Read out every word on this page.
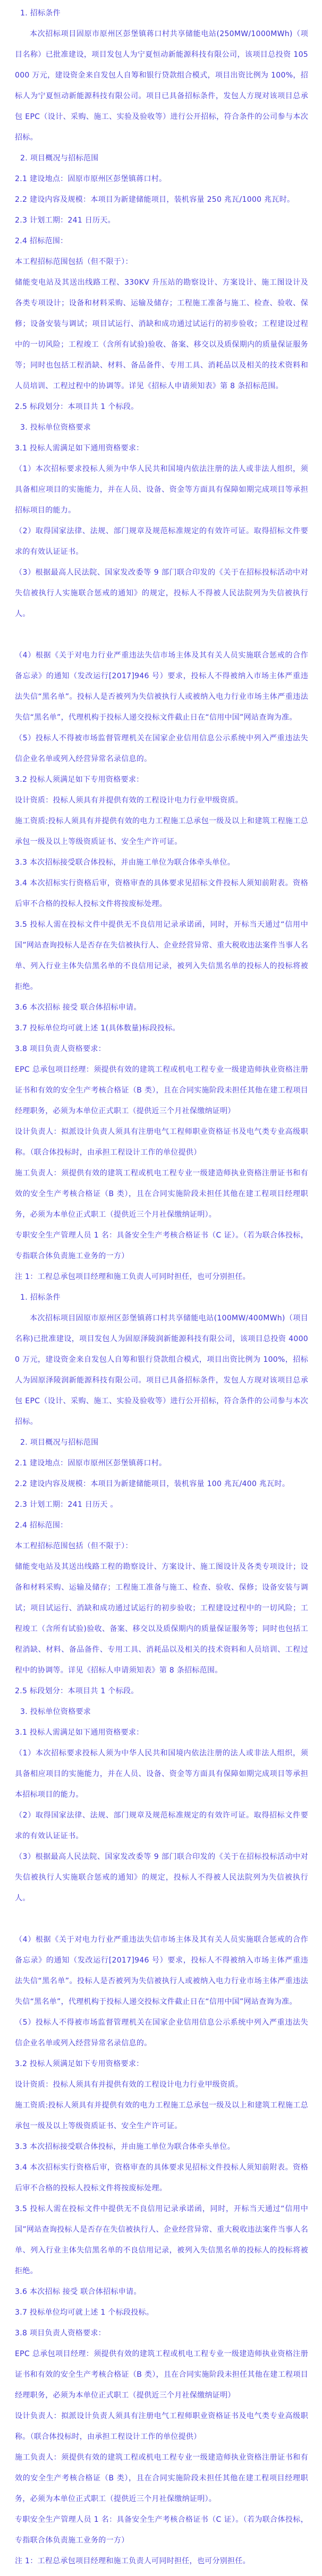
1. 招标条件

本次招标项目固原市原州区彭堡镇蒋口村共享储能电站(250MW/1000MWh)（项目名称）已批准建设，项目发包人为宁夏恒动新能源科技有限公司，该项目总投资 105000 万元，建设资金来自发包人自筹和银行贷款组合模式，项目出资比例为 100%，招标人为宁夏恒动新能源科技有限公司。项目已具备招标条件，发包人方现对该项目总承包 EPC（设计、采购、施工、实验及验收等）进行公开招标，符合条件的公司参与本次招标。

2. 项目概况与招标范围

2.1 建设地点：固原市原州区彭堡镇蒋口村。

2.2 建设内容及规模：本项目为新建储能项目，装机容量 250 兆瓦/1000 兆瓦时。

2.3 计划工期：241 日历天。

2.4 招标范围：

本工程招标范围包括（但不限于）：

储能变电站及其送出线路工程、330KV 升压站的勘察设计、方案设计、施工图设计及各类专项设计；设备和材料采购、运输及储存；工程施工准备与施工、检查、验收、保修；设备安装与调试；项目试运行、消缺和成功通过试运行的初步验收；工程建设过程中的一切风险；工程竣工（含所有试验)验收、备案、移交以及质保期内的质量保证服务等；同时也包括工程消缺、材料、备品备件、专用工具、消耗品以及相关的技术资料和人员培训、工程过程中的协调等。详见《招标人申请须知表》第 8 条招标范围。

2.5 标段划分：本项目共 1 个标段。

3. 投标单位资格要求

3.1 投标人需满足如下通用资格要求：

（1）本次招标要求投标人须为中华人民共和国境内依法注册的法人或非法人组织，须具备相应项目的实施能力，并在人员、设备、资金等方面具有保障如期完成项目等承担招标项目的能力。

（2）取得国家法律、法规、部门规章及规范标准规定的有效许可证。取得招标文件要求的有效认证证书。

（3）根据最高人民法院、国家发改委等 9 部门联合印发的《关于在招标投标活动中对失信被执行人实施联合惩戒的通知》的规定，投标人不得被人民法院列为失信被执行人。

（4）根据《关于对电力行业严重违法失信市场主体及其有关人员实施联合惩戒的合作备忘录》的通知（发改运行[2017]946 号）要求，投标人不得被纳入市场主体严重违法失信“黑名单”。投标人是否被列为失信被执行人或被纳入电力行业市场主体严重违法失信“黑名单”，代理机构于投标人递交投标文件截止日在“信用中国”网站查询为准。

（5）投标人不得被市场监督管理机关在国家企业信用信息公示系统中列入严重违法失信企业名单或列入经营异常名录信息的。

3.2 投标人须满足如下专用资格要求：

设计资质：投标人须具有并提供有效的工程设计电力行业甲级资质。

施工资质:投标人须具有并提供有效的电力工程施工总承包一级及以上和建筑工程施工总承包一级及以上等级资质证书、安全生产许可证。

3.3 本次招标接受联合体投标，并由施工单位为联合体牵头单位。

3.4 本次招标实行资格后审，资格审查的具体要求见招标文件投标人须知前附表。资格后审不合格的投标人投标文件将按废标处理。

3.5 投标人需在投标文件中提供无不良信用记录承诺函，同时，开标当天通过“信用中国”网站查询投标人是否存在失信被执行人、企业经营异常、重大税收违法案件当事人名单、列入行业主体失信黑名单的不良信用记录，被列入失信黑名单的投标人的投标将被拒绝。

3.6 本次招标 接受 联合体招标申请。

3.7 投标单位均可就上述 1(具体数量)标段投标。

3.8 项目负责人资格要求：

EPC 总承包项目经理：须提供有效的建筑工程或机电工程专业一级建造师执业资格注册证书和有效的安全生产考核合格证（B 类），且在合同实施阶段未担任其他在建工程项目经理职务，必须为本单位正式职工（提供近三个月社保缴纳证明）

设计负责人：拟派设计负责人须具有注册电气工程师职业资格证书及电气类专业高级职称。（联合体投标时，由承担工程设计工作的单位提供）

施工负责人：须提供有效的建筑工程或机电工程专业一级建造师执业资格注册证书和有效的安全生产考核合格证（B 类），且在合同实施阶段未担任其他在建工程项目经理职务，必须为本单位正式职工（提供近三个月社保缴纳证明）。

专职安全生产管理人员 1 名：具备安全生产考核合格证书（C 证）。（若为联合体投标，专指联合体负责施工业务的一方）

注 1：工程总承包项目经理和施工负责人可同时担任，也可分别担任。

1. 招标条件

本次招标项目固原市原州区彭堡镇蒋口村共享储能电站(100MW/400MWh)（项目名称)已批准建设，项目发包人为固原泽陵润新能源科技有限公司，该项目总投资 40000 万元，建设资金来自发包人自筹和银行贷款组合模式，项目出资比例为 100%，招标人为固原泽陵润新能源科技有限公司。项目已具备招标条件，发包人方现对该项目总承包 EPC（设计、采购、施工、实验及验收等）进行公开招标，符合条件的公司参与本次招标。

2. 项目概况与招标范围

2.1 建设地点：固原市原州区彭堡镇蒋口村。

2.2 建设内容及规模：本项目为新建储能项目，装机容量 100 兆瓦/400 兆瓦时。

2.3 计划工期：241 日历天 。

2.4 招标范围：

本工程招标范围包括（但不限于）：

储能变电站及其送出线路工程的勘察设计、方案设计、施工图设计及各类专项设计；设备和材料采购、运输及储存；工程施工准备与施工、检查、验收、保修；设备安装与调试；项目试运行、消缺和成功通过试运行的初步验收；工程建设过程中的一切风险；工程竣工（含所有试验)验收、备案、移交以及质保期内的质量保证服务等；同时也包括工程消缺、材料、备品备件、专用工具、消耗品以及相关的技术资料和人员培训、工程过程中的协调等。详见《招标人申请须知表》第 8 条招标范围。

2.5 标段划分：本项目共 1 个标段。

3. 投标单位资格要求

3.1 投标人需满足如下通用资格要求：

（1）本次招标要求投标人须为中华人民共和国境内依法注册的法人或非法人组织，须具备相应项目的实施能力，并在人员、设备、资金等方面具有保障如期完成项目等承担本招标项目的能力。

（2）取得国家法律、法规、部门规章及规范标准规定的有效许可证。取得招标文件要求的有效认证证书。

（3）根据最高人民法院、国家发改委等 9 部门联合印发的《关于在招标投标活动中对失信被执行人实施联合惩戒的通知》的规定，投标人不得被人民法院列为失信被执行人。

（4）根据《关于对电力行业严重违法失信市场主体及其有关人员实施联合惩戒的合作备忘录》的通知（发改运行[2017]946 号）要求，投标人不得被纳入市场主体严重违法失信“黑名单”。投标人是否被列为失信被执行人或被纳入电力行业市场主体严重违法失信“黑名单”，代理机构于投标人递交投标文件截止日在“信用中国”网站查询为准。

（5）投标人不得被市场监督管理机关在国家企业信用信息公示系统中列入严重违法失信企业名单或列入经营异常名录信息的。

3.2 投标人须满足如下专用资格要求：

设计资质：投标人须具有并提供有效的工程设计电力行业甲级资质。

施工资质:投标人须具有并提供有效的电力工程施工总承包一级及以上和建筑工程施工总承包一级及以上等级资质证书、安全生产许可证。

3.3 本次招标接受联合体投标，并由施工单位为联合体牵头单位。

3.4 本次招标实行资格后审，资格审查的具体要求见招标文件投标人须知前附表。资格后审不合格的投标人投标文件将按废标处理。

3.5 投标人需在投标文件中提供无不良信用记录承诺函，同时，开标当天通过“信用中国”网站查询投标人是否存在失信被执行人、企业经营异常、重大税收违法案件当事人名单、列入行业主体失信黑名单的不良信用记录，被列入失信黑名单的投标人的投标将被拒绝。

3.6 本次招标 接受 联合体招标申请。

3.7 投标单位均可就上述 1 个标段投标。

3.8 项目负责人资格要求：

EPC 总承包项目经理：须提供有效的建筑工程或机电工程专业一级建造师执业资格注册证书和有效的安全生产考核合格证（B 类），且在合同实施阶段未担任其他在建工程项目经理职务，必须为本单位正式职工（提供近三个月社保缴纳证明）

设计负责人：拟派设计负责人须具有注册电气工程师职业资格证书及电气类专业高级职称。（联合体投标时，由承担工程设计工作的单位提供）

施工负责人：须提供有效的建筑工程或机电工程专业一级建造师执业资格注册证书和有效的安全生产考核合格证（B 类），且在合同实施阶段未担任其他在建工程项目经理职务，必须为本单位正式职工（提供近三个月社保缴纳证明）。

专职安全生产管理人员 1 名：具备安全生产考核合格证书（C 证）。（若为联合体投标，专指联合体负责施工业务的一方）

注 1：工程总承包项目经理和施工负责人可同时担任，也可分别担任。
